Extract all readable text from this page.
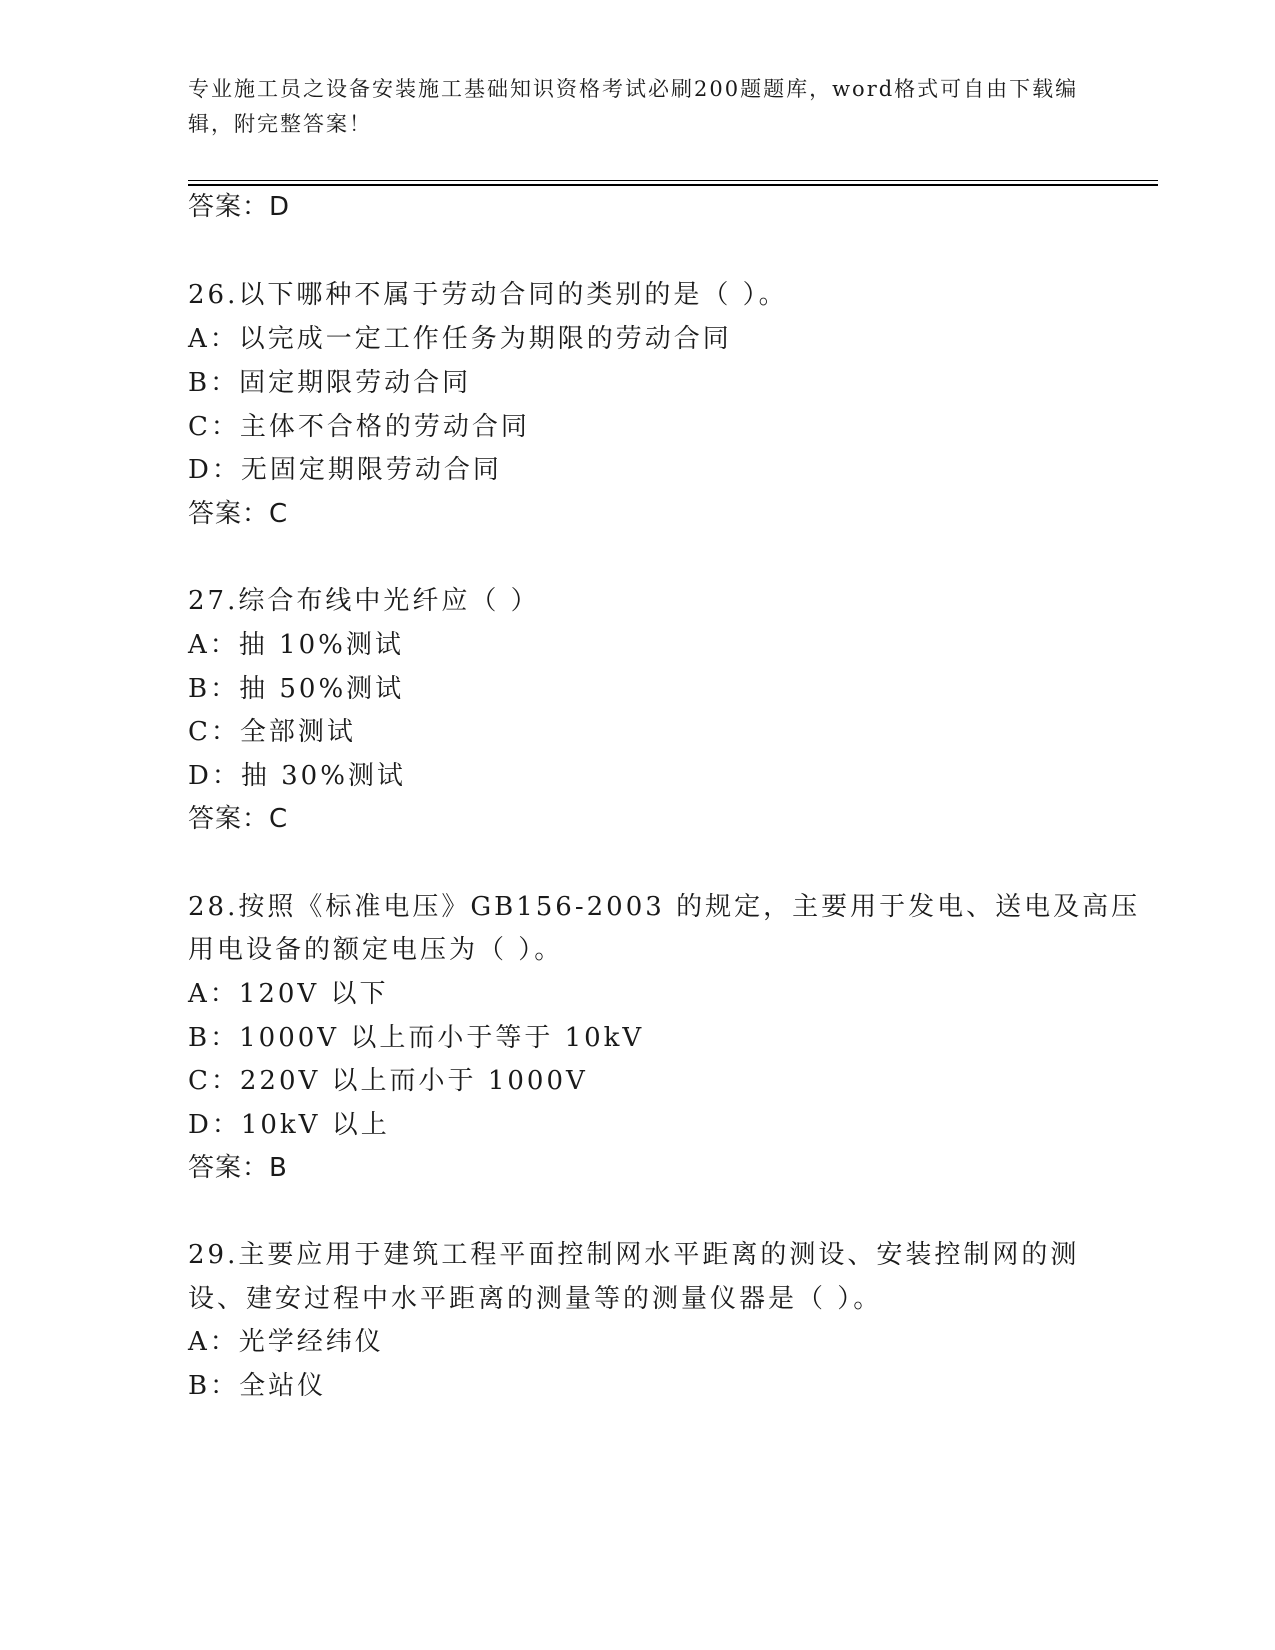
专业施工员之设备安装施工基础知识资格考试必刷200题题库，word格式可自由下载编辑，附完整答案！
答案：D
26.以下哪种不属于劳动合同的类别的是（ ）。
A：以完成一定工作任务为期限的劳动合同
B：固定期限劳动合同
C：主体不合格的劳动合同
D：无固定期限劳动合同
答案：C
27.综合布线中光纤应（ ）
A：抽 10%测试
B：抽 50%测试
C：全部测试
D：抽 30%测试
答案：C
28.按照《标准电压》GB156-2003 的规定，主要用于发电、送电及高压
用电设备的额定电压为（ ）。
A：120V 以下
B：1000V 以上而小于等于 10kV
C：220V 以上而小于 1000V
D：10kV 以上
答案：B
29.主要应用于建筑工程平面控制网水平距离的测设、安装控制网的测
设、建安过程中水平距离的测量等的测量仪器是（ ）。
A：光学经纬仪
B：全站仪
